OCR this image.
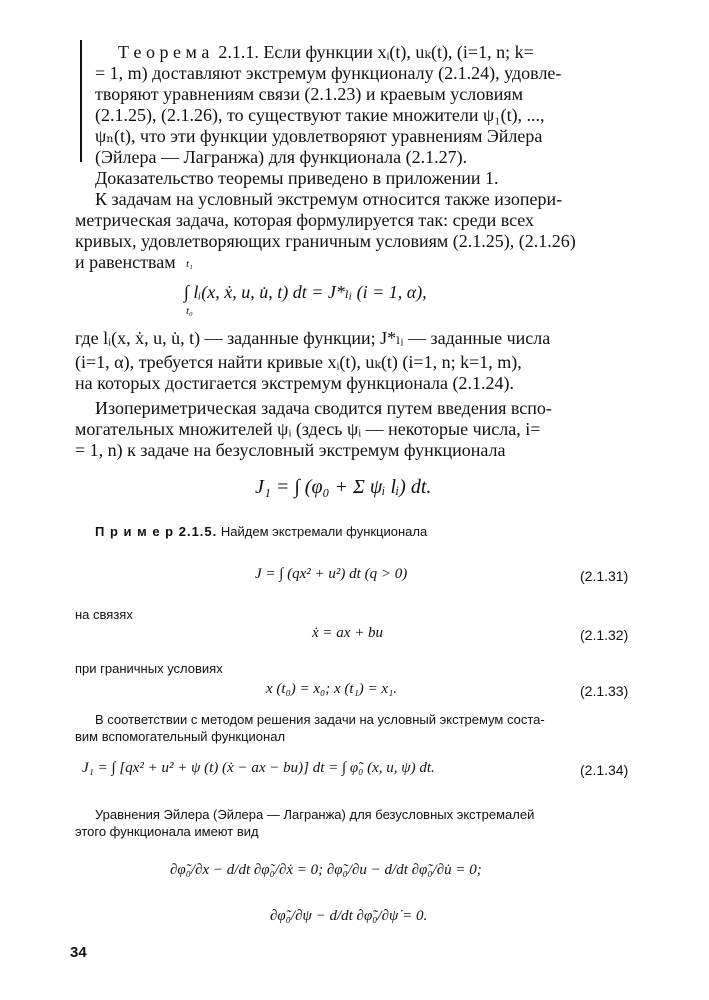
Т е о р е м а  2.1.1. Если функции xᵢ(t), uₖ(t), (i=1, n; k=
= 1, m) доставляют экстремум функционалу (2.1.24), удовле-
творяют уравнениям связи (2.1.23) и краевым условиям
(2.1.25), (2.1.26), то существуют такие множители ψ₁(t), ...,
ψₙ(t), что эти функции удовлетворяют уравнениям Эйлера
(Эйлера — Лагранжа) для функционала (2.1.27).
Доказательство теоремы приведено в приложении 1.
К задачам на условный экстремум относится также изопери-
метрическая задача, которая формулируется так: среди всех
кривых, удовлетворяющих граничным условиям (2.1.25), (2.1.26)
и равенствам t₁
∫ lᵢ(x, ẋ, u, u̇, t) dt = J*ₗᵢ (i = 1, α),
t₀
где lᵢ(x, ẋ, u, u̇, t) — заданные функции; J*ₗᵢ — заданные числа
(i=1, α), требуется найти кривые xᵢ(t), uₖ(t) (i=1, n; k=1, m),
на которых достигается экстремум функционала (2.1.24).
Изопериметрическая задача сводится путем введения вспо-
могательных множителей ψᵢ (здесь ψᵢ — некоторые числа, i=
= 1, n) к задаче на безусловный экстремум функционала
J₁ = ∫ (φ₀ + Σ ψᵢ lᵢ) dt.
П р и м е р 2.1.5. Найдем экстремали функционала
J = ∫ (qx² + u²) dt (q > 0)	(2.1.31)
на связях
ẋ = ax + bu	(2.1.32)
при граничных условиях
x (t₀) = x₀; x (t₁) = x₁.	(2.1.33)
В соответствии с методом решения задачи на условный экстремум соста-
вим вспомогательный функционал
J₁ = ∫ [qx² + u² + ψ (t) (ẋ − ax − bu)] dt = ∫ φ̃₀ (x, u, ψ) dt.	(2.1.34)
Уравнения Эйлера (Эйлера — Лагранжа) для безусловных экстремалей
этого функционала имеют вид
∂φ̃₀/∂x − d/dt ∂φ̃₀/∂ẋ = 0; ∂φ̃₀/∂u − d/dt ∂φ̃₀/∂u̇ = 0;
∂φ̃₀/∂ψ − d/dt ∂φ̃₀/∂ψ̇ = 0.
34
